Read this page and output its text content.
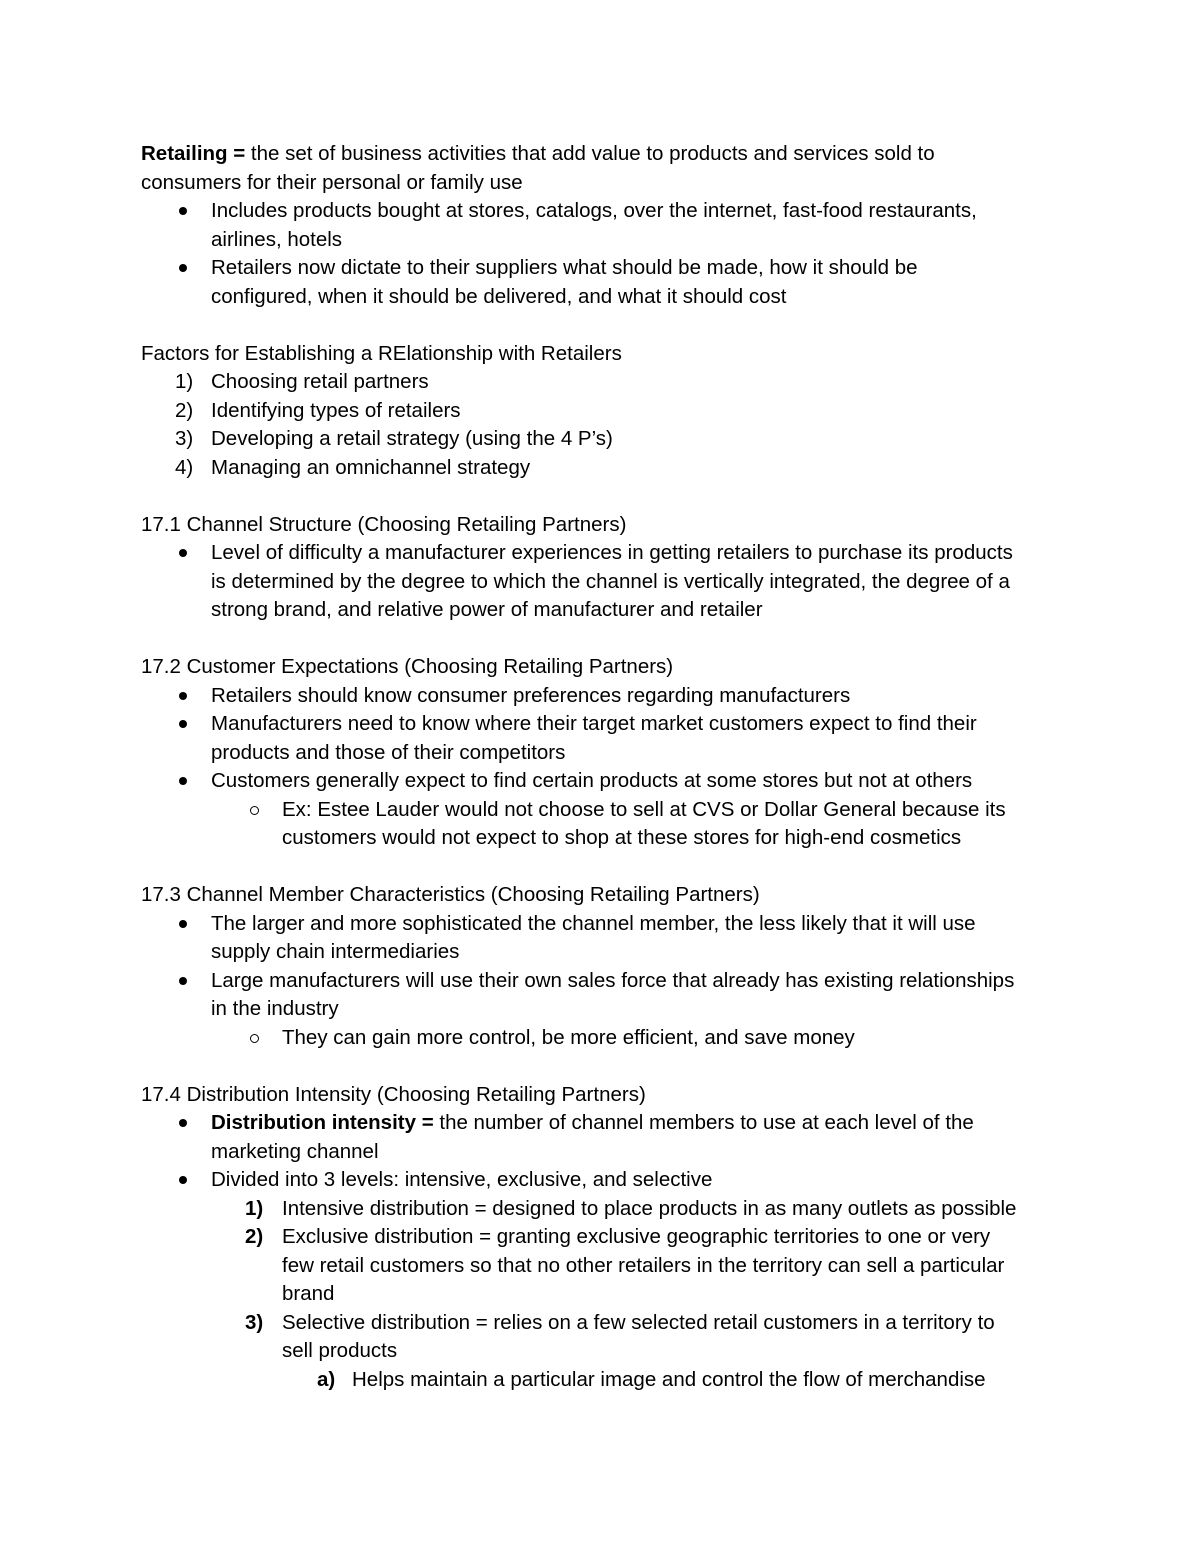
Retailing = the set of business activities that add value to products and services sold to
consumers for their personal or family use
Includes products bought at stores, catalogs, over the internet, fast-food restaurants,
airlines, hotels
Retailers now dictate to their suppliers what should be made, how it should be
configured, when it should be delivered, and what it should cost
Factors for Establishing a RElationship with Retailers
1) Choosing retail partners
2) Identifying types of retailers
3) Developing a retail strategy (using the 4 P’s)
4) Managing an omnichannel strategy
17.1 Channel Structure (Choosing Retailing Partners)
Level of difficulty a manufacturer experiences in getting retailers to purchase its products
is determined by the degree to which the channel is vertically integrated, the degree of a
strong brand, and relative power of manufacturer and retailer
17.2 Customer Expectations (Choosing Retailing Partners)
Retailers should know consumer preferences regarding manufacturers
Manufacturers need to know where their target market customers expect to find their
products and those of their competitors
Customers generally expect to find certain products at some stores but not at others
Ex: Estee Lauder would not choose to sell at CVS or Dollar General because its
customers would not expect to shop at these stores for high-end cosmetics
17.3 Channel Member Characteristics (Choosing Retailing Partners)
The larger and more sophisticated the channel member, the less likely that it will use
supply chain intermediaries
Large manufacturers will use their own sales force that already has existing relationships
in the industry
They can gain more control, be more efficient, and save money
17.4 Distribution Intensity (Choosing Retailing Partners)
Distribution intensity = the number of channel members to use at each level of the
marketing channel
Divided into 3 levels: intensive, exclusive, and selective
1) Intensive distribution = designed to place products in as many outlets as possible
2) Exclusive distribution = granting exclusive geographic territories to one or very
few retail customers so that no other retailers in the territory can sell a particular
brand
3) Selective distribution = relies on a few selected retail customers in a territory to
sell products
a) Helps maintain a particular image and control the flow of merchandise
